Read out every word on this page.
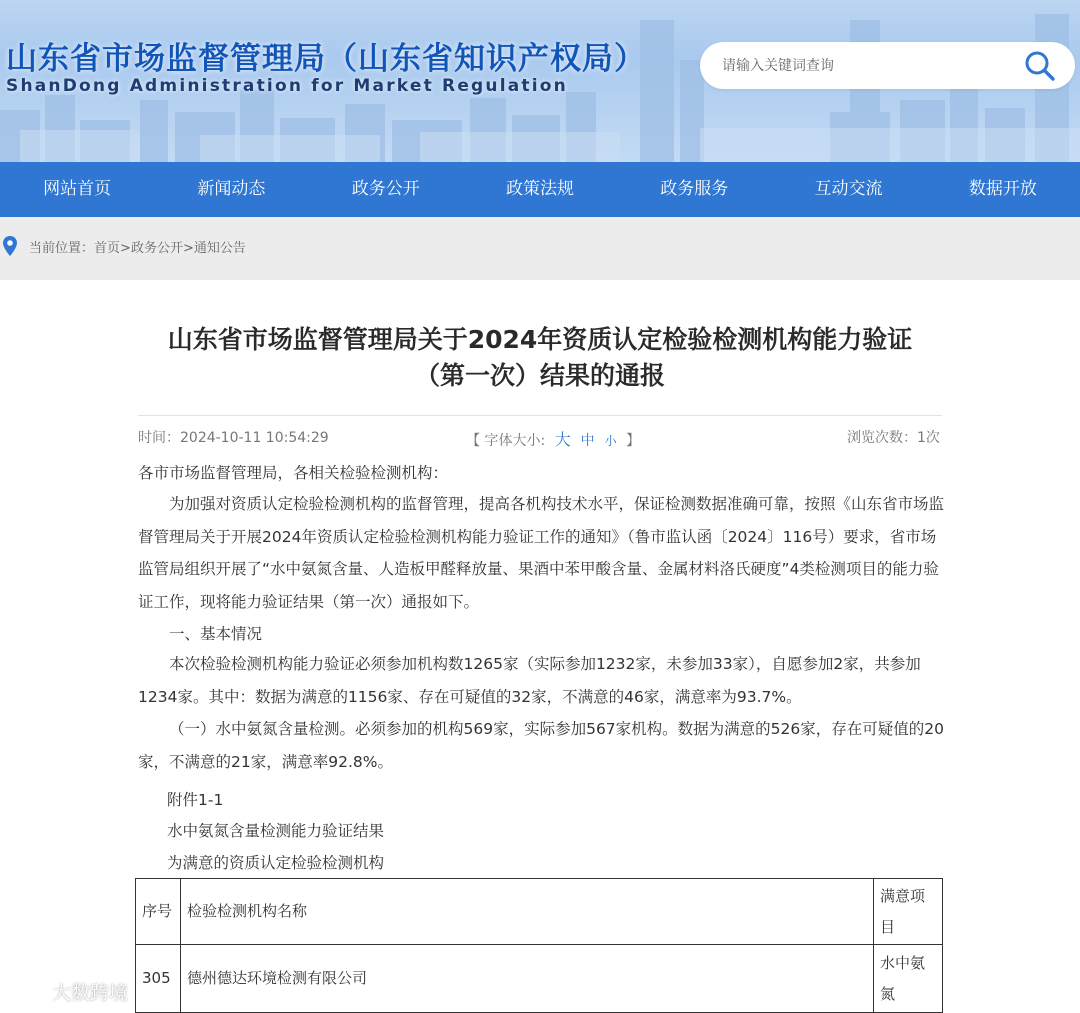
山东省市场监督管理局（山东省知识产权局）
ShanDong Administration for Market Regulation
请输入关键词查询
网站首页	新闻动态	政务公开	政策法规	政务服务	互动交流	数据开放
当前位置：首页>政务公开>通知公告
山东省市场监督管理局关于2024年资质认定检验检测机构能力验证
（第一次）结果的通报
时间：2024-10-11 10:54:29	【 字体大小: 大 中 小 】	浏览次数：1次
各市市场监督管理局，各相关检验检测机构：
为加强对资质认定检验检测机构的监督管理，提高各机构技术水平，保证检测数据准确可靠，按照《山东省市场监督管理局关于开展2024年资质认定检验检测机构能力验证工作的通知》（鲁市监认函〔2024〕116号）要求，省市场监管局组织开展了“水中氨氮含量、人造板甲醛释放量、果酒中苯甲酸含量、金属材料洛氏硬度”4类检测项目的能力验证工作，现将能力验证结果（第一次）通报如下。
一、基本情况
本次检验检测机构能力验证必须参加机构数1265家（实际参加1232家，未参加33家），自愿参加2家，共参加1234家。其中：数据为满意的1156家、存在可疑值的32家，不满意的46家，满意率为93.7%。
（一）水中氨氮含量检测。必须参加的机构569家，实际参加567家机构。数据为满意的526家，存在可疑值的20家，不满意的21家，满意率92.8%。
附件1-1
水中氨氮含量检测能力验证结果
为满意的资质认定检验检测机构
序号	检验检测机构名称	满意项目
305	德州德达环境检测有限公司	水中氨氮
大数跨境
